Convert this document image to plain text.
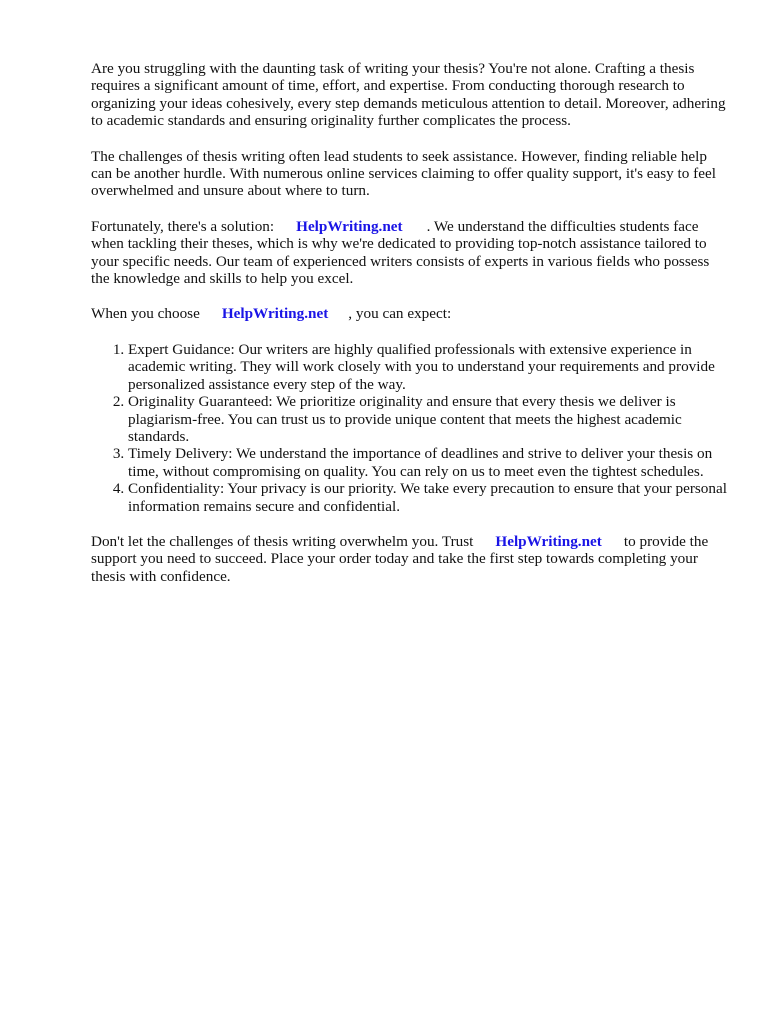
Are you struggling with the daunting task of writing your thesis? You're not alone. Crafting a thesis requires a significant amount of time, effort, and expertise. From conducting thorough research to organizing your ideas cohesively, every step demands meticulous attention to detail. Moreover, adhering to academic standards and ensuring originality further complicates the process.

The challenges of thesis writing often lead students to seek assistance. However, finding reliable help can be another hurdle. With numerous online services claiming to offer quality support, it's easy to feel overwhelmed and unsure about where to turn.

Fortunately, there's a solution: HelpWriting.net . We understand the difficulties students face when tackling their theses, which is why we're dedicated to providing top-notch assistance tailored to your specific needs. Our team of experienced writers consists of experts in various fields who possess the knowledge and skills to help you excel.

When you choose HelpWriting.net , you can expect:

1. Expert Guidance: Our writers are highly qualified professionals with extensive experience in academic writing. They will work closely with you to understand your requirements and provide personalized assistance every step of the way.
2. Originality Guaranteed: We prioritize originality and ensure that every thesis we deliver is plagiarism-free. You can trust us to provide unique content that meets the highest academic standards.
3. Timely Delivery: We understand the importance of deadlines and strive to deliver your thesis on time, without compromising on quality. You can rely on us to meet even the tightest schedules.
4. Confidentiality: Your privacy is our priority. We take every precaution to ensure that your personal information remains secure and confidential.

Don't let the challenges of thesis writing overwhelm you. Trust HelpWriting.net to provide the support you need to succeed. Place your order today and take the first step towards completing your thesis with confidence.
